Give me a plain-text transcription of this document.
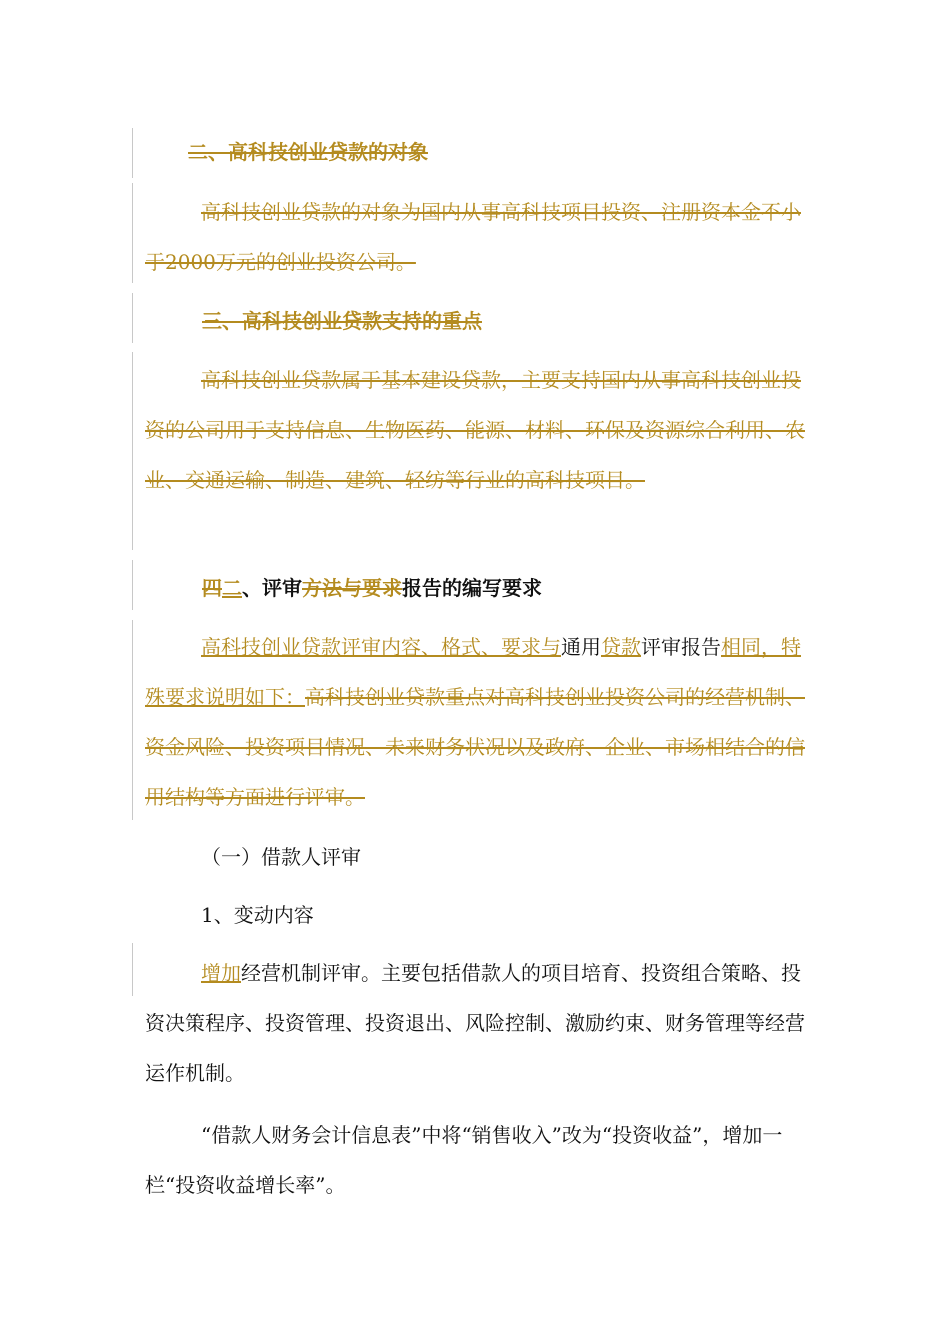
二、高科技创业贷款的对象

高科技创业贷款的对象为国内从事高科技项目投资、注册资本金不小于2000万元的创业投资公司。

三、高科技创业贷款支持的重点

高科技创业贷款属于基本建设贷款，主要支持国内从事高科技创业投资的公司用于支持信息、生物医药、能源、材料、环保及资源综合利用、农业、交通运输、制造、建筑、轻纺等行业的高科技项目。

四二、评审方法与要求报告的编写要求

高科技创业贷款评审内容、格式、要求与通用贷款评审报告相同，特殊要求说明如下：高科技创业贷款重点对高科技创业投资公司的经营机制、资金风险、投资项目情况、未来财务状况以及政府、企业、市场相结合的信用结构等方面进行评审。

（一）借款人评审

1、变动内容

增加经营机制评审。主要包括借款人的项目培育、投资组合策略、投资决策程序、投资管理、投资退出、风险控制、激励约束、财务管理等经营运作机制。

“借款人财务会计信息表”中将“销售收入”改为“投资收益”，增加一栏“投资收益增长率”。
